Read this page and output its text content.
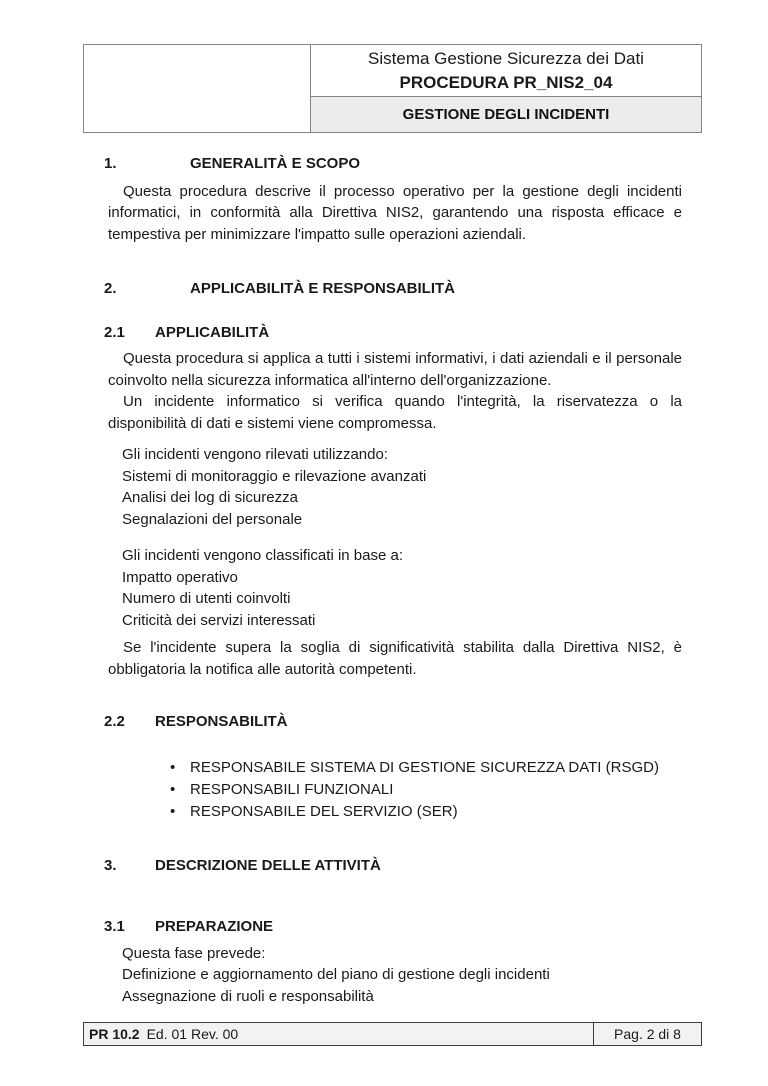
Sistema Gestione Sicurezza dei Dati
PROCEDURA PR_NIS2_04
GESTIONE DEGLI INCIDENTI
1.	GENERALITÀ E SCOPO
Questa procedura descrive il processo operativo per la gestione degli incidenti informatici, in conformità alla Direttiva NIS2, garantendo una risposta efficace e tempestiva per minimizzare l'impatto sulle operazioni aziendali.
2.	APPLICABILITÀ E RESPONSABILITÀ
2.1	APPLICABILITÀ
Questa procedura si applica a tutti i sistemi informativi, i dati aziendali e il personale coinvolto nella sicurezza informatica all'interno dell'organizzazione.
Un incidente informatico si verifica quando l'integrità, la riservatezza o la disponibilità di dati e sistemi viene compromessa.
Gli incidenti vengono rilevati utilizzando:
Sistemi di monitoraggio e rilevazione avanzati
Analisi dei log di sicurezza
Segnalazioni del personale
Gli incidenti vengono classificati in base a:
Impatto operativo
Numero di utenti coinvolti
Criticità dei servizi interessati
Se l'incidente supera la soglia di significatività stabilita dalla Direttiva NIS2, è obbligatoria la notifica alle autorità competenti.
2.2	RESPONSABILITÀ
• RESPONSABILE SISTEMA DI GESTIONE SICUREZZA DATI (RSGD)
• RESPONSABILI FUNZIONALI
• RESPONSABILE DEL SERVIZIO (SER)
3.	DESCRIZIONE DELLE ATTIVITÀ
3.1	PREPARAZIONE
Questa fase prevede:
Definizione e aggiornamento del piano di gestione degli incidenti
Assegnazione di ruoli e responsabilità
PR 10.2 Ed. 01 Rev. 00	Pag. 2 di 8
